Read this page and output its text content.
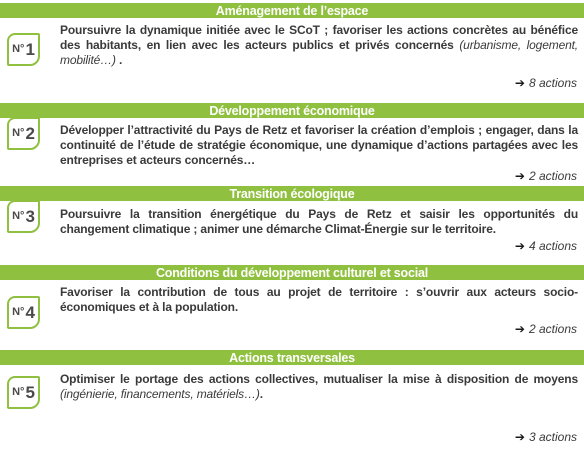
Aménagement de l’espace
N° 1
Poursuivre la dynamique initiée avec le SCoT ; favoriser les actions concrètes au bénéfice des habitants, en lien avec les acteurs publics et privés concernés (urbanisme, logement, mobilité…) .
➔ 8 actions
Développement économique
N° 2 Développer l’attractivité du Pays de Retz et favoriser la création d’emplois ; engager, dans la continuité de l’étude de stratégie économique, une dynamique d’actions partagées avec les entreprises et acteurs concernés…
➔ 2 actions
Transition écologique
N° 3 Poursuivre la transition énergétique du Pays de Retz et saisir les opportunités du changement climatique ; animer une démarche Climat-Énergie sur le territoire.
➔ 4 actions
Conditions du développement culturel et social
N° 4
Favoriser la contribution de tous au projet de territoire : s’ouvrir aux acteurs socio-économiques et à la population.
➔ 2 actions
Actions transversales
N° 5
Optimiser le portage des actions collectives, mutualiser la mise à disposition de moyens (ingénierie, financements, matériels…).
➔ 3 actions
